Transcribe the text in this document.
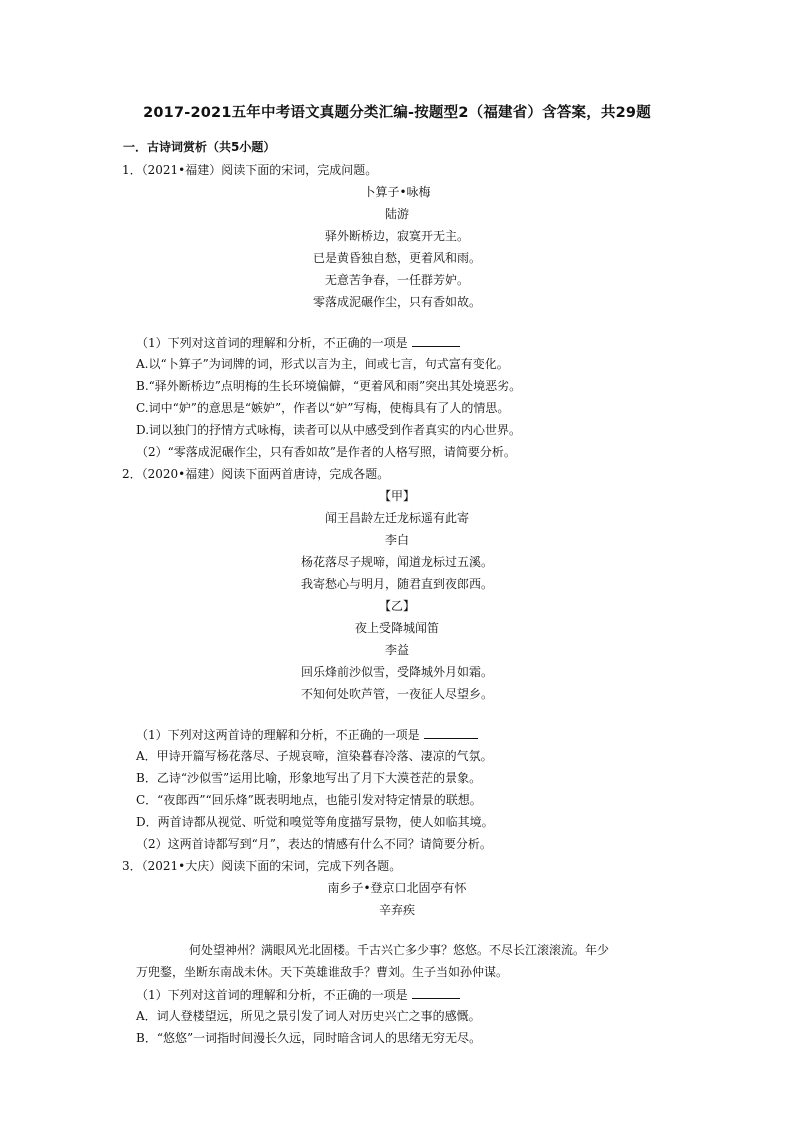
2017-2021五年中考语文真题分类汇编-按题型2（福建省）含答案，共29题
一．古诗词赏析（共5小题）
1．（2021•福建）阅读下面的宋词，完成问题。
卜算子•咏梅
陆游
驿外断桥边，寂寞开无主。
已是黄昏独自愁，更着风和雨。
无意苦争春，一任群芳妒。
零落成泥碾作尘，只有香如故。
（1）下列对这首词的理解和分析，不正确的一项是
A.以“卜算子”为词牌的词，形式以言为主，间或七言，句式富有变化。
B.“驿外断桥边”点明梅的生长环境偏僻，“更着风和雨”突出其处境恶劣。
C.词中“妒”的意思是“嫉妒”，作者以“妒”写梅，使梅具有了人的情思。
D.词以独门的抒情方式咏梅，读者可以从中感受到作者真实的内心世界。
（2）“零落成泥碾作尘，只有香如故”是作者的人格写照，请简要分析。
2．（2020•福建）阅读下面两首唐诗，完成各题。
【甲】
闻王昌龄左迁龙标遥有此寄
李白
杨花落尽子规啼，闻道龙标过五溪。
我寄愁心与明月，随君直到夜郎西。
【乙】
夜上受降城闻笛
李益
回乐烽前沙似雪，受降城外月如霜。
不知何处吹芦管，一夜征人尽望乡。
（1）下列对这两首诗的理解和分析，不正确的一项是
A．甲诗开篇写杨花落尽、子规哀啼，渲染暮春冷落、凄凉的气氛。
B．乙诗“沙似雪”运用比喻，形象地写出了月下大漠苍茫的景象。
C．“夜郎西”“回乐烽”既表明地点，也能引发对特定情景的联想。
D．两首诗都从视觉、听觉和嗅觉等角度描写景物，使人如临其境。
（2）这两首诗都写到“月”，表达的情感有什么不同？请简要分析。
3．（2021•大庆）阅读下面的宋词，完成下列各题。
南乡子•登京口北固亭有怀
辛弃疾
何处望神州？满眼风光北固楼。千古兴亡多少事？悠悠。不尽长江滚滚流。年少
万兜鍪，坐断东南战未休。天下英雄谁敌手？曹刘。生子当如孙仲谋。
（1）下列对这首词的理解和分析，不正确的一项是
A．词人登楼望远，所见之景引发了词人对历史兴亡之事的感慨。
B．“悠悠”一词指时间漫长久远，同时暗含词人的思绪无穷无尽。
